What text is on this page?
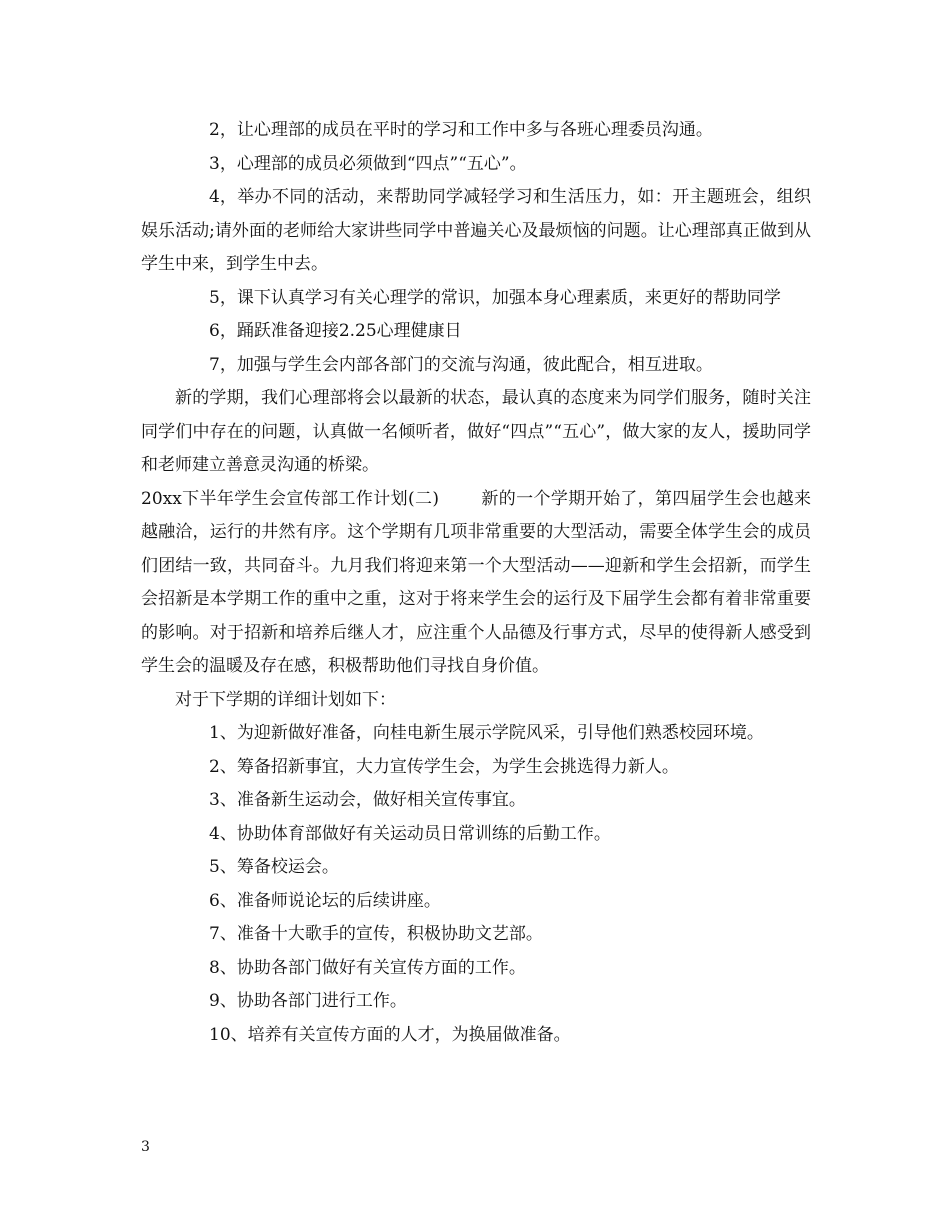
2，让心理部的成员在平时的学习和工作中多与各班心理委员沟通。

3，心理部的成员必须做到“四点”“五心”。

4，举办不同的活动，来帮助同学减轻学习和生活压力，如：开主题班会，组织娱乐活动;请外面的老师给大家讲些同学中普遍关心及最烦恼的问题。让心理部真正做到从学生中来，到学生中去。

5，课下认真学习有关心理学的常识，加强本身心理素质，来更好的帮助同学

6，踊跃准备迎接2.25心理健康日

7，加强与学生会内部各部门的交流与沟通，彼此配合，相互进取。

新的学期，我们心理部将会以最新的状态，最认真的态度来为同学们服务，随时关注同学们中存在的问题，认真做一名倾听者，做好“四点”“五心”，做大家的友人，援助同学和老师建立善意灵沟通的桥梁。

20xx下半年学生会宣传部工作计划(二) 新的一个学期开始了，第四届学生会也越来越融洽，运行的井然有序。这个学期有几项非常重要的大型活动，需要全体学生会的成员们团结一致，共同奋斗。九月我们将迎来第一个大型活动——迎新和学生会招新，而学生会招新是本学期工作的重中之重，这对于将来学生会的运行及下届学生会都有着非常重要的影响。对于招新和培养后继人才，应注重个人品德及行事方式，尽早的使得新人感受到学生会的温暖及存在感，积极帮助他们寻找自身价值。

对于下学期的详细计划如下：

1、为迎新做好准备，向桂电新生展示学院风采，引导他们熟悉校园环境。

2、筹备招新事宜，大力宣传学生会，为学生会挑选得力新人。

3、准备新生运动会，做好相关宣传事宜。

4、协助体育部做好有关运动员日常训练的后勤工作。

5、筹备校运会。

6、准备师说论坛的后续讲座。

7、准备十大歌手的宣传，积极协助文艺部。

8、协助各部门做好有关宣传方面的工作。

9、协助各部门进行工作。

10、培养有关宣传方面的人才，为换届做准备。

3
